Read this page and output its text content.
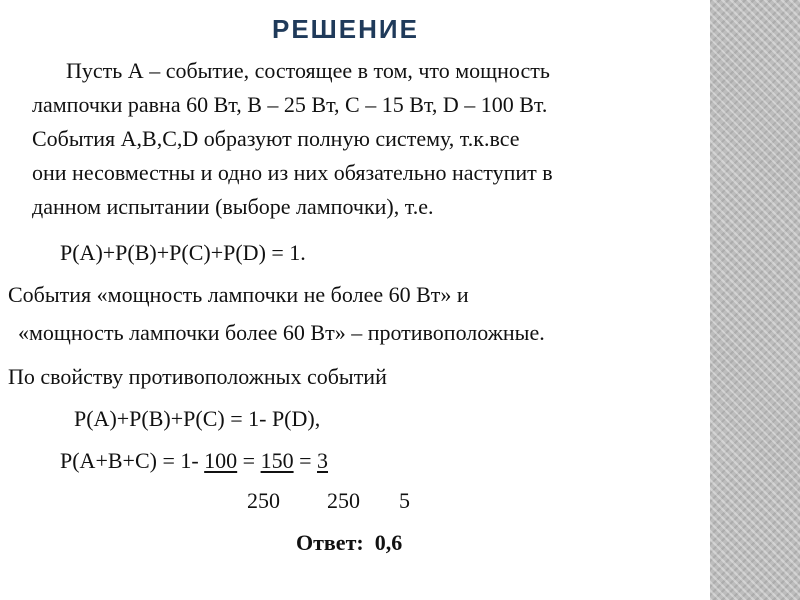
РЕШЕНИЕ
Пусть А – событие, состоящее в том, что мощность
лампочки равна 60 Вт, В – 25 Вт, С – 15 Вт, D – 100 Вт.
События A,B,C,D образуют полную систему, т.к.все
они несовместны и одно из них обязательно наступит в
данном испытании (выборе лампочки), т.е.
P(A)+P(B)+P(C)+P(D) = 1.
События «мощность лампочки не более 60 Вт» и
«мощность лампочки более 60 Вт» – противоположные.
По свойству противоположных событий
P(A)+P(B)+P(C) = 1- P(D),
P(A+B+C) = 1- 100 = 150 = 3
250 250 5
Ответ: 0,6
